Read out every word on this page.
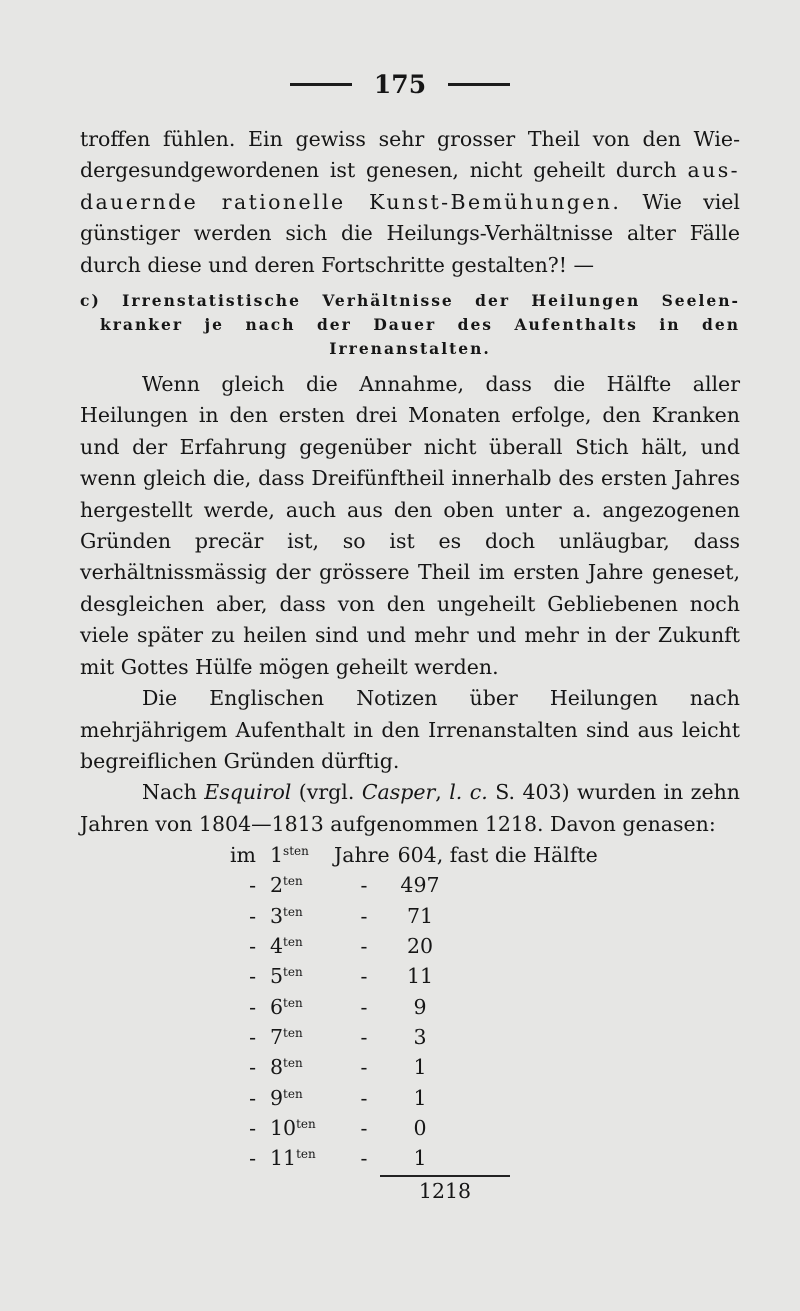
175

troffen fühlen. Ein gewiss sehr grosser Theil von den Wie- dergesundgewordenen ist genesen, nicht geheilt durch aus- dauernde rationelle Kunst-Bemühungen. Wie viel günstiger werden sich die Heilungs-Verhältnisse alter Fälle durch diese und deren Fortschritte gestalten?! —

c) Irrenstatistische Verhältnisse der Heilungen Seelen-
kranker je nach der Dauer des Aufenthalts in den
Irrenanstalten.

Wenn gleich die Annahme, dass die Hälfte aller Heilungen in den ersten drei Monaten erfolge, den Kranken und der Erfahrung gegenüber nicht überall Stich hält, und wenn gleich die, dass Dreifünftheil innerhalb des ersten Jahres hergestellt werde, auch aus den oben unter a. angezogenen Gründen precär ist, so ist es doch unläugbar, dass verhältnissmässig der grössere Theil im ersten Jahre geneset, desgleichen aber, dass von den ungeheilt Gebliebenen noch viele später zu heilen sind und mehr und mehr in der Zukunft mit Gottes Hülfe mögen geheilt werden.

Die Englischen Notizen über Heilungen nach mehrjährigem Aufenthalt in den Irrenanstalten sind aus leicht begreiflichen Gründen dürftig.

Nach Esquirol (vrgl. Casper, l. c. S. 403) wurden in zehn Jahren von 1804—1813 aufgenommen 1218. Davon genasen:

im $1^{sten}$	Jahre 604 , fast die Hälfte
- $2^{ten}$	-	497
- $3^{ten}$	-	71
- $4^{ten}$	-	20
- $5^{ten}$	-	11
- $6^{ten}$	-	9
- $7^{ten}$	-	3
- $8^{ten}$	-	1
- $9^{ten}$	-	1
- $10^{ten}$	-	0
- $11^{ten}$	-	1
1218
